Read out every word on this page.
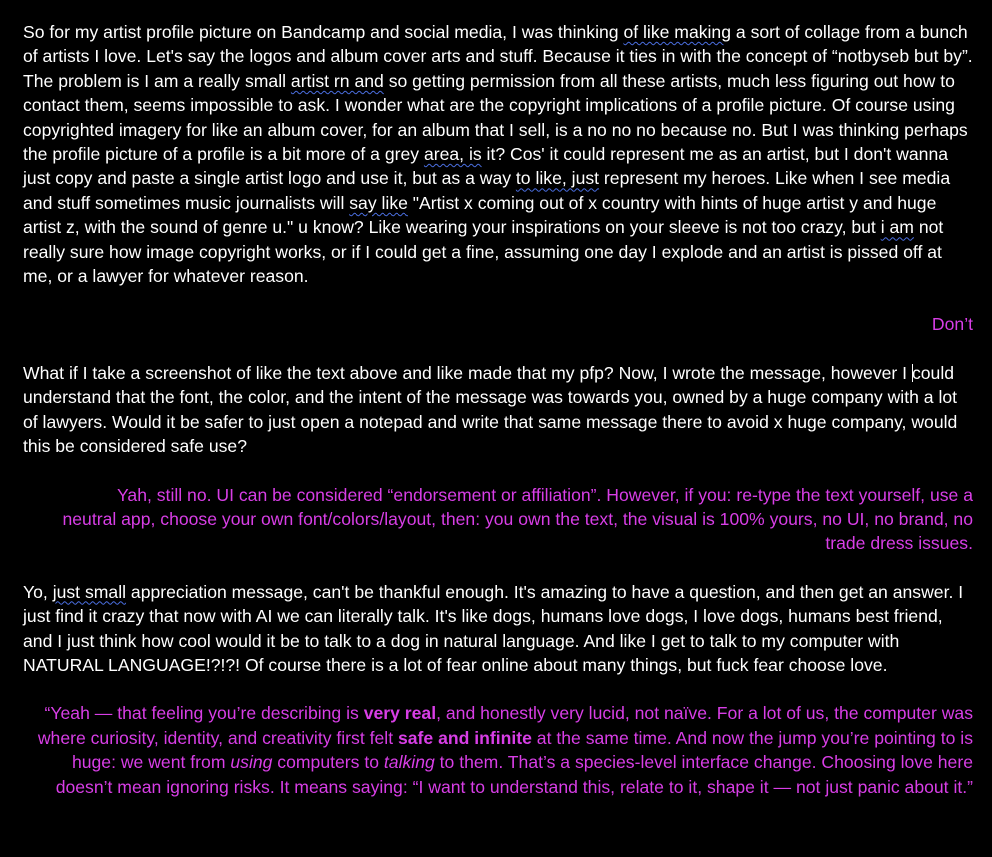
So for my artist profile picture on Bandcamp and social media, I was thinking of like making a sort of collage from a bunch of artists I love. Let's say the logos and album cover arts and stuff. Because it ties in with the concept of “notbyseb but by”. The problem is I am a really small artist rn and so getting permission from all these artists, much less figuring out how to contact them, seems impossible to ask. I wonder what are the copyright implications of a profile picture. Of course using copyrighted imagery for like an album cover, for an album that I sell, is a no no no because no. But I was thinking perhaps the profile picture of a profile is a bit more of a grey area, is it? Cos' it could represent me as an artist, but I don't wanna just copy and paste a single artist logo and use it, but as a way to like, just represent my heroes. Like when I see media and stuff sometimes music journalists will say like "Artist x coming out of x country with hints of huge artist y and huge artist z, with the sound of genre u." u know? Like wearing your inspirations on your sleeve is not too crazy, but i am not really sure how image copyright works, or if I could get a fine, assuming one day I explode and an artist is pissed off at me, or a lawyer for whatever reason.

Don’t

What if I take a screenshot of like the text above and like made that my pfp? Now, I wrote the message, however I could understand that the font, the color, and the intent of the message was towards you, owned by a huge company with a lot of lawyers. Would it be safer to just open a notepad and write that same message there to avoid x huge company, would this be considered safe use?

Yah, still no. UI can be considered “endorsement or affiliation”. However, if you: re-type the text yourself, use a neutral app, choose your own font/colors/layout, then: you own the text, the visual is 100% yours, no UI, no brand, no trade dress issues.

Yo, just small appreciation message, can't be thankful enough. It's amazing to have a question, and then get an answer. I just find it crazy that now with AI we can literally talk. It's like dogs, humans love dogs, I love dogs, humans best friend, and I just think how cool would it be to talk to a dog in natural language. And like I get to talk to my computer with NATURAL LANGUAGE!?!?! Of course there is a lot of fear online about many things, but fuck fear choose love.

“Yeah — that feeling you’re describing is very real, and honestly very lucid, not naïve. For a lot of us, the computer was where curiosity, identity, and creativity first felt safe and infinite at the same time. And now the jump you’re pointing to is huge: we went from using computers to talking to them. That’s a species-level interface change. Choosing love here doesn’t mean ignoring risks. It means saying: “I want to understand this, relate to it, shape it — not just panic about it.”
